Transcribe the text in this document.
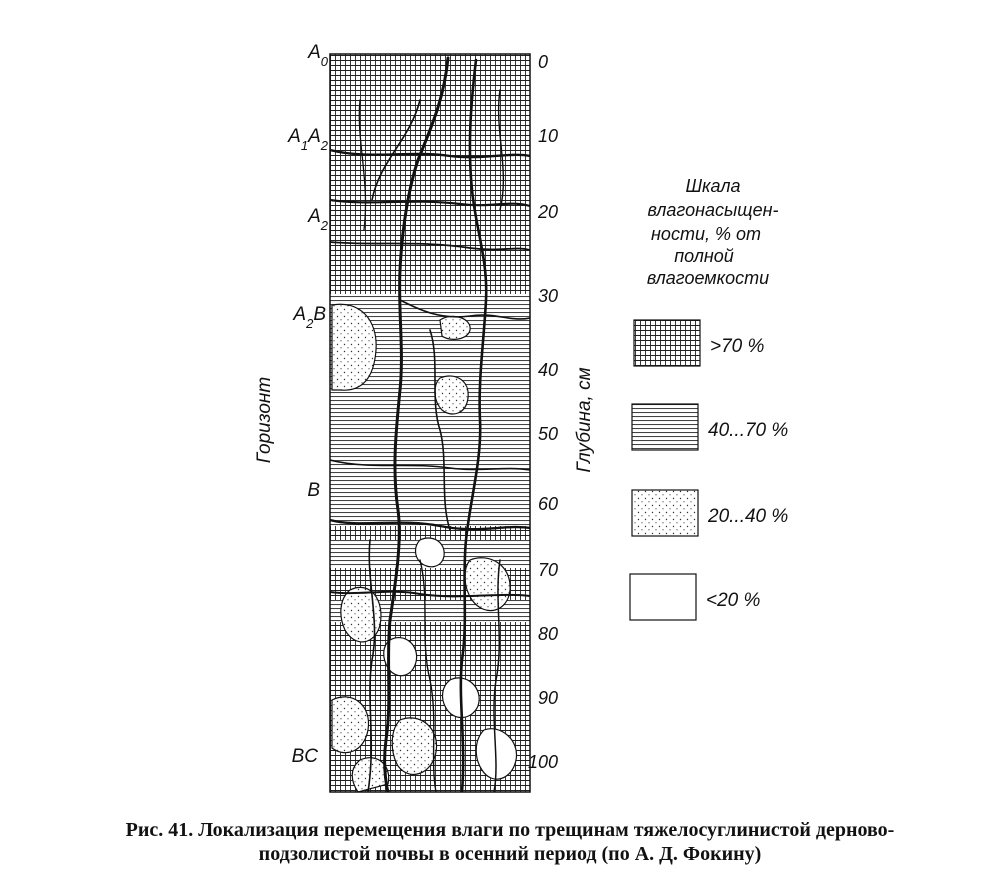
Горизонт	Глубина, см
$A_0$
$A_1A_2$
$A_2$
$A_2B$
B
BC
0
10
20
30
40
50
60
70
80
90
100
Шкала
влагонасыщен-
ности, % от
полной
влагоемкости
>70 %
40...70 %
20...40 %
<20 %
Рис. 41. Локализация перемещения влаги по трещинам тяжелосуглинистой дерново-
подзолистой почвы в осенний период (по А. Д. Фокину)
